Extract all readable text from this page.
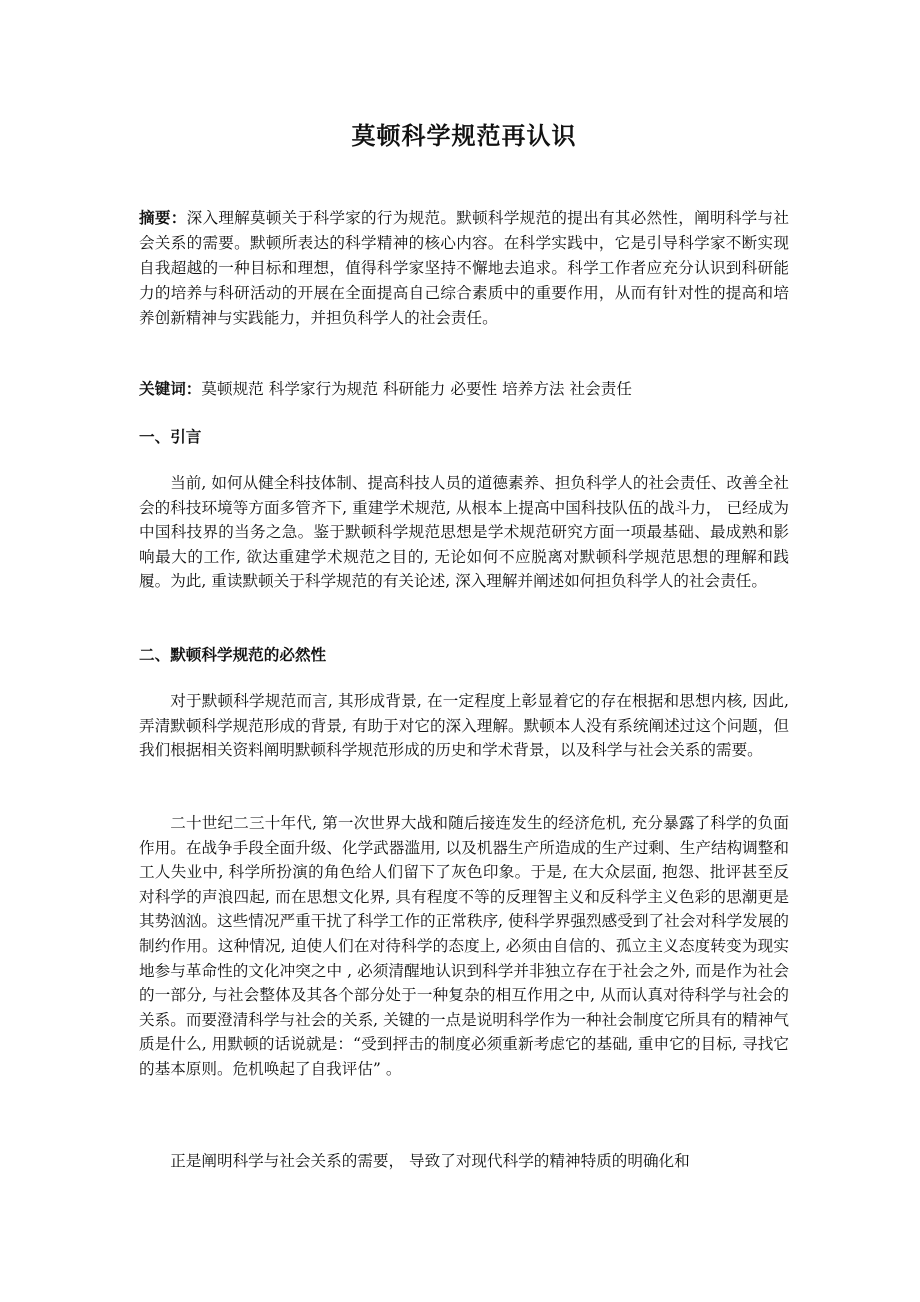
莫顿科学规范再认识

摘要：深入理解莫顿关于科学家的行为规范。默顿科学规范的提出有其必然性，阐明科学与社会关系的需要。默顿所表达的科学精神的核心内容。在科学实践中，它是引导科学家不断实现自我超越的一种目标和理想，值得科学家坚持不懈地去追求。科学工作者应充分认识到科研能力的培养与科研活动的开展在全面提高自己综合素质中的重要作用，从而有针对性的提高和培养创新精神与实践能力，并担负科学人的社会责任。

关键词：莫顿规范 科学家行为规范 科研能力 必要性 培养方法 社会责任

一、引言

当前, 如何从健全科技体制、提高科技人员的道德素养、担负科学人的社会责任、改善全社会的科技环境等方面多管齐下, 重建学术规范, 从根本上提高中国科技队伍的战斗力， 已经成为中国科技界的当务之急。鉴于默顿科学规范思想是学术规范研究方面一项最基础、最成熟和影响最大的工作, 欲达重建学术规范之目的, 无论如何不应脱离对默顿科学规范思想的理解和践履。为此, 重读默顿关于科学规范的有关论述, 深入理解并阐述如何担负科学人的社会责任。

二、默顿科学规范的必然性

对于默顿科学规范而言, 其形成背景, 在一定程度上彰显着它的存在根据和思想内核, 因此, 弄清默顿科学规范形成的背景, 有助于对它的深入理解。默顿本人没有系统阐述过这个问题，但我们根据相关资料阐明默顿科学规范形成的历史和学术背景，以及科学与社会关系的需要。

二十世纪二三十年代, 第一次世界大战和随后接连发生的经济危机, 充分暴露了科学的负面作用。在战争手段全面升级、化学武器滥用, 以及机器生产所造成的生产过剩、生产结构调整和工人失业中, 科学所扮演的角色给人们留下了灰色印象。于是, 在大众层面, 抱怨、批评甚至反对科学的声浪四起, 而在思想文化界, 具有程度不等的反理智主义和反科学主义色彩的思潮更是其势汹汹。这些情况严重干扰了科学工作的正常秩序, 使科学界强烈感受到了社会对科学发展的制约作用。这种情况, 迫使人们在对待科学的态度上, 必须由自信的、孤立主义态度转变为现实地参与革命性的文化冲突之中 , 必须清醒地认识到科学并非独立存在于社会之外, 而是作为社会的一部分, 与社会整体及其各个部分处于一种复杂的相互作用之中, 从而认真对待科学与社会的关系。而要澄清科学与社会的关系, 关键的一点是说明科学作为一种社会制度它所具有的精神气质是什么, 用默顿的话说就是：“受到抨击的制度必须重新考虑它的基础, 重申它的目标, 寻找它的基本原则。危机唤起了自我评估” 。

正是阐明科学与社会关系的需要， 导致了对现代科学的精神特质的明确化和
